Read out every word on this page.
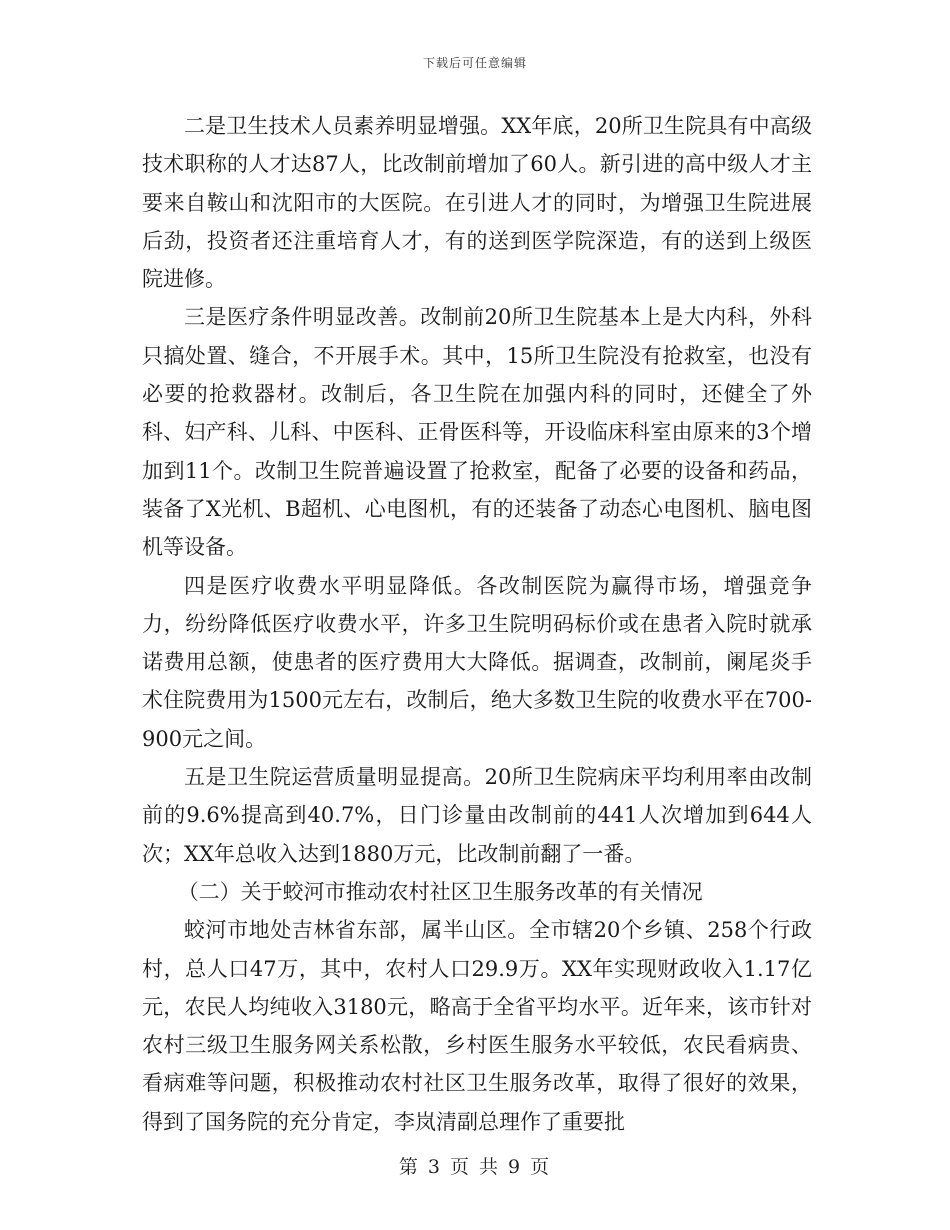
下载后可任意编辑

二是卫生技术人员素养明显增强。XX年底，20所卫生院具有中高级技术职称的人才达87人，比改制前增加了60人。新引进的高中级人才主要来自鞍山和沈阳市的大医院。在引进人才的同时，为增强卫生院进展后劲，投资者还注重培育人才，有的送到医学院深造，有的送到上级医院进修。

三是医疗条件明显改善。改制前20所卫生院基本上是大内科，外科只搞处置、缝合，不开展手术。其中，15所卫生院没有抢救室，也没有必要的抢救器材。改制后，各卫生院在加强内科的同时，还健全了外科、妇产科、儿科、中医科、正骨医科等，开设临床科室由原来的3个增加到11个。改制卫生院普遍设置了抢救室，配备了必要的设备和药品，装备了X光机、B超机、心电图机，有的还装备了动态心电图机、脑电图机等设备。

四是医疗收费水平明显降低。各改制医院为赢得市场，增强竞争力，纷纷降低医疗收费水平，许多卫生院明码标价或在患者入院时就承诺费用总额，使患者的医疗费用大大降低。据调查，改制前，阑尾炎手术住院费用为1500元左右，改制后，绝大多数卫生院的收费水平在700-900元之间。

五是卫生院运营质量明显提高。20所卫生院病床平均利用率由改制前的9.6%提高到40.7%，日门诊量由改制前的441人次增加到644人次；XX年总收入达到1880万元，比改制前翻了一番。

（二）关于蛟河市推动农村社区卫生服务改革的有关情况

蛟河市地处吉林省东部，属半山区。全市辖20个乡镇、258个行政村，总人口47万，其中，农村人口29.9万。XX年实现财政收入1.17亿元，农民人均纯收入3180元，略高于全省平均水平。近年来，该市针对农村三级卫生服务网关系松散，乡村医生服务水平较低，农民看病贵、看病难等问题，积极推动农村社区卫生服务改革，取得了很好的效果，得到了国务院的充分肯定，李岚清副总理作了重要批

第 3 页 共 9 页
